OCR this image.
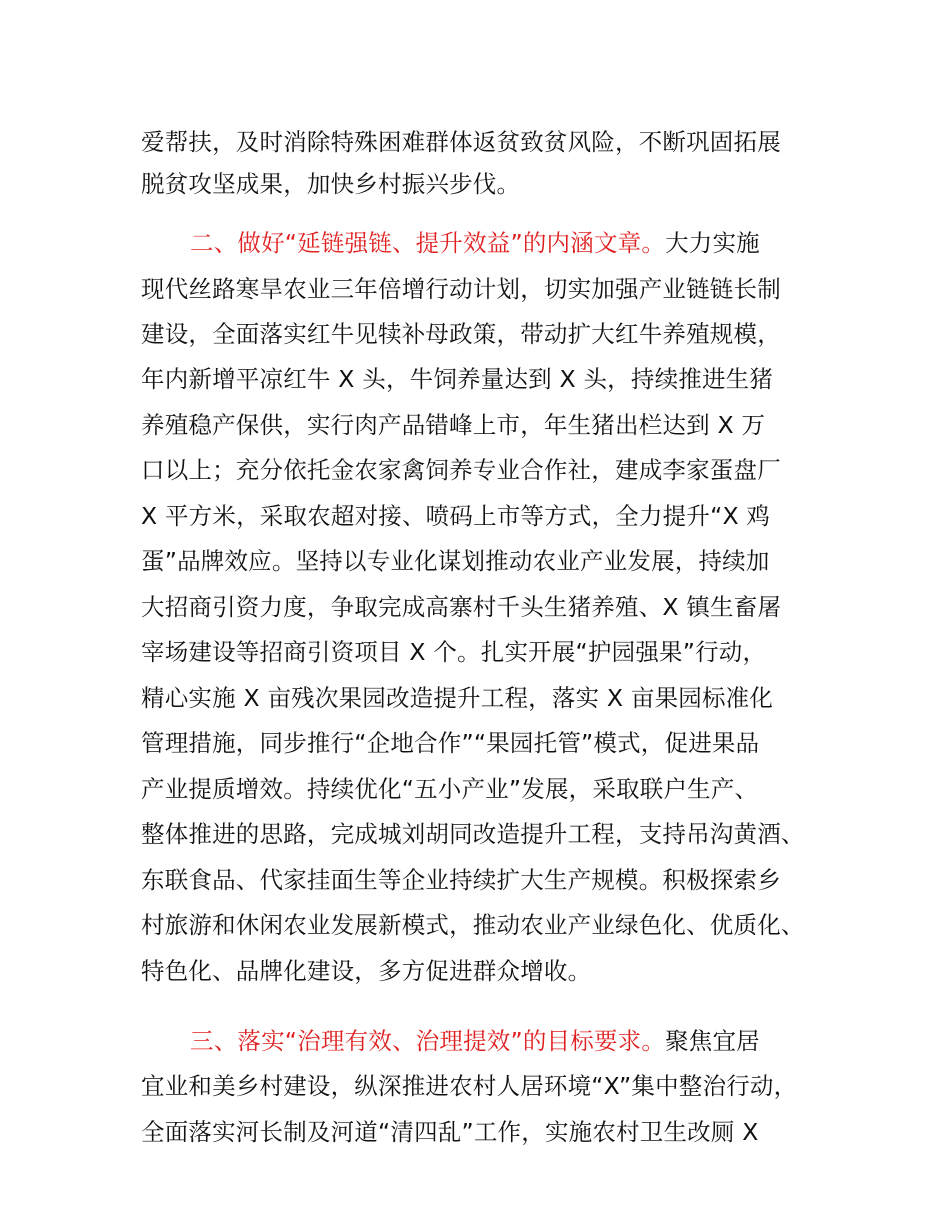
爱帮扶，及时消除特殊困难群体返贫致贫风险，不断巩固拓展
脱贫攻坚成果，加快乡村振兴步伐。
二、做好“延链强链、提升效益”的内涵文章。大力实施
现代丝路寒旱农业三年倍增行动计划，切实加强产业链链长制
建设，全面落实红牛见犊补母政策，带动扩大红牛养殖规模，
年内新增平凉红牛 X 头，牛饲养量达到 X 头，持续推进生猪
养殖稳产保供，实行肉产品错峰上市，年生猪出栏达到 X 万
口以上；充分依托金农家禽饲养专业合作社，建成李家蛋盘厂
X 平方米，采取农超对接、喷码上市等方式，全力提升“X 鸡
蛋”品牌效应。坚持以专业化谋划推动农业产业发展，持续加
大招商引资力度，争取完成高寨村千头生猪养殖、X 镇生畜屠
宰场建设等招商引资项目 X 个。扎实开展“护园强果”行动，
精心实施 X 亩残次果园改造提升工程，落实 X 亩果园标准化
管理措施，同步推行“企地合作”“果园托管”模式，促进果品
产业提质增效。持续优化“五小产业”发展，采取联户生产、
整体推进的思路，完成城刘胡同改造提升工程，支持吊沟黄酒、
东联食品、代家挂面生等企业持续扩大生产规模。积极探索乡
村旅游和休闲农业发展新模式，推动农业产业绿色化、优质化、
特色化、品牌化建设，多方促进群众增收。
三、落实“治理有效、治理提效”的目标要求。聚焦宜居
宜业和美乡村建设，纵深推进农村人居环境“X”集中整治行动，
全面落实河长制及河道“清四乱”工作，实施农村卫生改厕 X
